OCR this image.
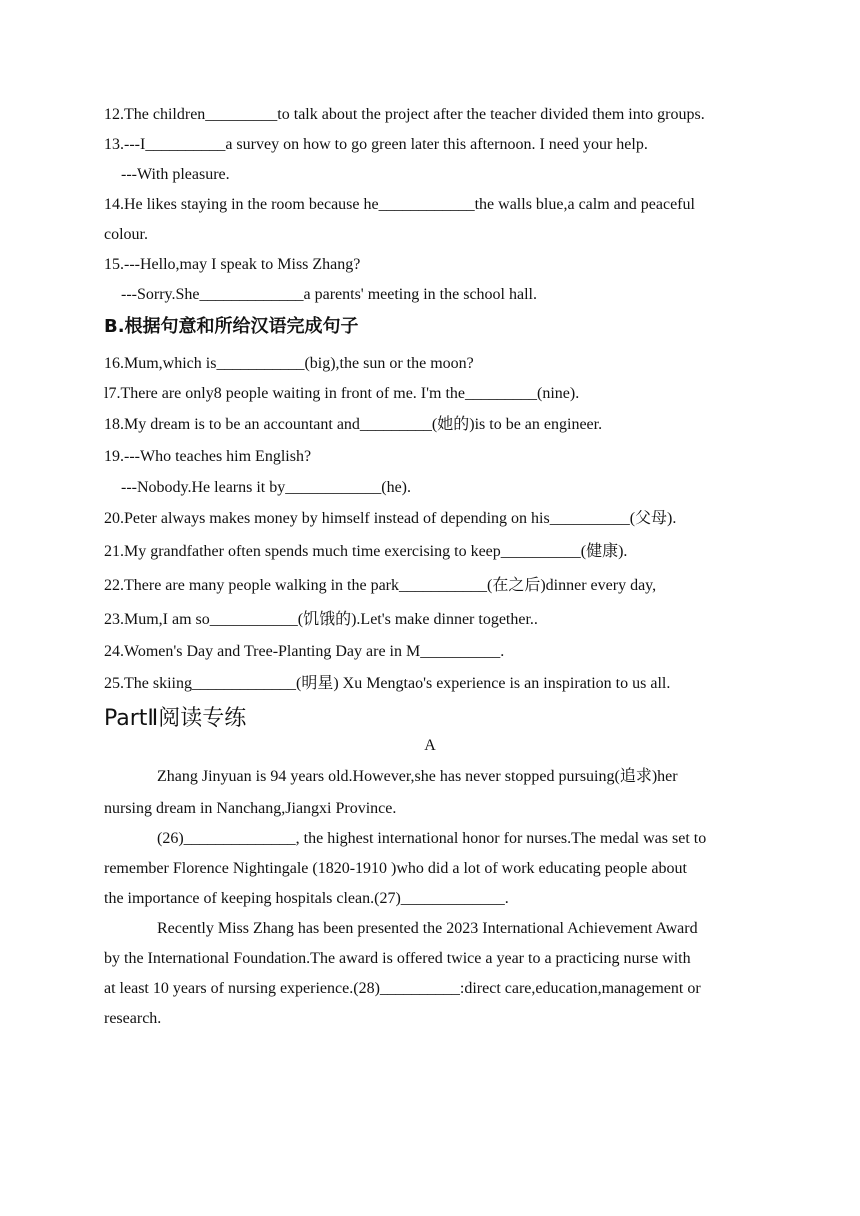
12.The children_________to talk about the project after the teacher divided them into groups.
13.---I__________a survey on how to go green later this afternoon. I need your help.
---With pleasure.
14.He likes staying in the room because he____________the walls blue,a calm and peaceful
colour.
15.---Hello,may I speak to Miss Zhang?
---Sorry.She_____________a parents' meeting in the school hall.
B.根据句意和所给汉语完成句子
16.Mum,which is___________(big),the sun or the moon?
l7.There are only8 people waiting in front of me. I'm the_________(nine).
18.My dream is to be an accountant and_________(她的)is to be an engineer.
19.---Who teaches him English?
---Nobody.He learns it by____________(he).
20.Peter always makes money by himself instead of depending on his__________(父母).
21.My grandfather often spends much time exercising to keep__________(健康).
22.There are many people walking in the park___________(在之后)dinner every day,
23.Mum,I am so___________(饥饿的).Let's make dinner together..
24.Women's Day and Tree-Planting Day are in M__________.
25.The skiing_____________(明星) Xu Mengtao's experience is an inspiration to us all.
PartⅡ阅读专练
A
Zhang Jinyuan is 94 years old.However,she has never stopped pursuing(追求)her
nursing dream in Nanchang,Jiangxi Province.
(26)______________, the highest international honor for nurses.The medal was set to
remember Florence Nightingale (1820-1910 )who did a lot of work educating people about
the importance of keeping hospitals clean.(27)_____________.
Recently Miss Zhang has been presented the 2023 International Achievement Award
by the International Foundation.The award is offered twice a year to a practicing nurse with
at least 10 years of nursing experience.(28)__________:direct care,education,management or
research.
